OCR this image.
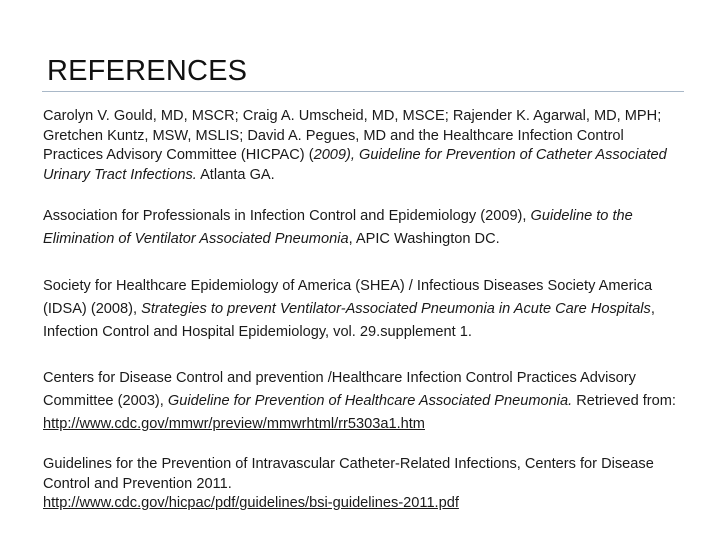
REFERENCES

Carolyn V. Gould, MD, MSCR; Craig A. Umscheid, MD, MSCE; Rajender K. Agarwal, MD, MPH; Gretchen Kuntz, MSW, MSLIS; David A. Pegues, MD and the Healthcare Infection Control Practices Advisory Committee (HICPAC) (2009), Guideline for Prevention of Catheter Associated Urinary Tract Infections. Atlanta GA.

Association for Professionals in Infection Control and Epidemiology (2009), Guideline to the Elimination of Ventilator Associated Pneumonia, APIC Washington DC.

Society for Healthcare Epidemiology of America (SHEA) / Infectious Diseases Society America (IDSA) (2008), Strategies to prevent Ventilator-Associated Pneumonia in Acute Care Hospitals, Infection Control and Hospital Epidemiology, vol. 29.supplement 1.

Centers for Disease Control and prevention /Healthcare Infection Control Practices Advisory Committee (2003), Guideline for Prevention of Healthcare Associated Pneumonia. Retrieved from: http://www.cdc.gov/mmwr/preview/mmwrhtml/rr5303a1.htm

Guidelines for the Prevention of Intravascular Catheter-Related Infections, Centers for Disease Control and Prevention 2011.
http://www.cdc.gov/hicpac/pdf/guidelines/bsi-guidelines-2011.pdf
